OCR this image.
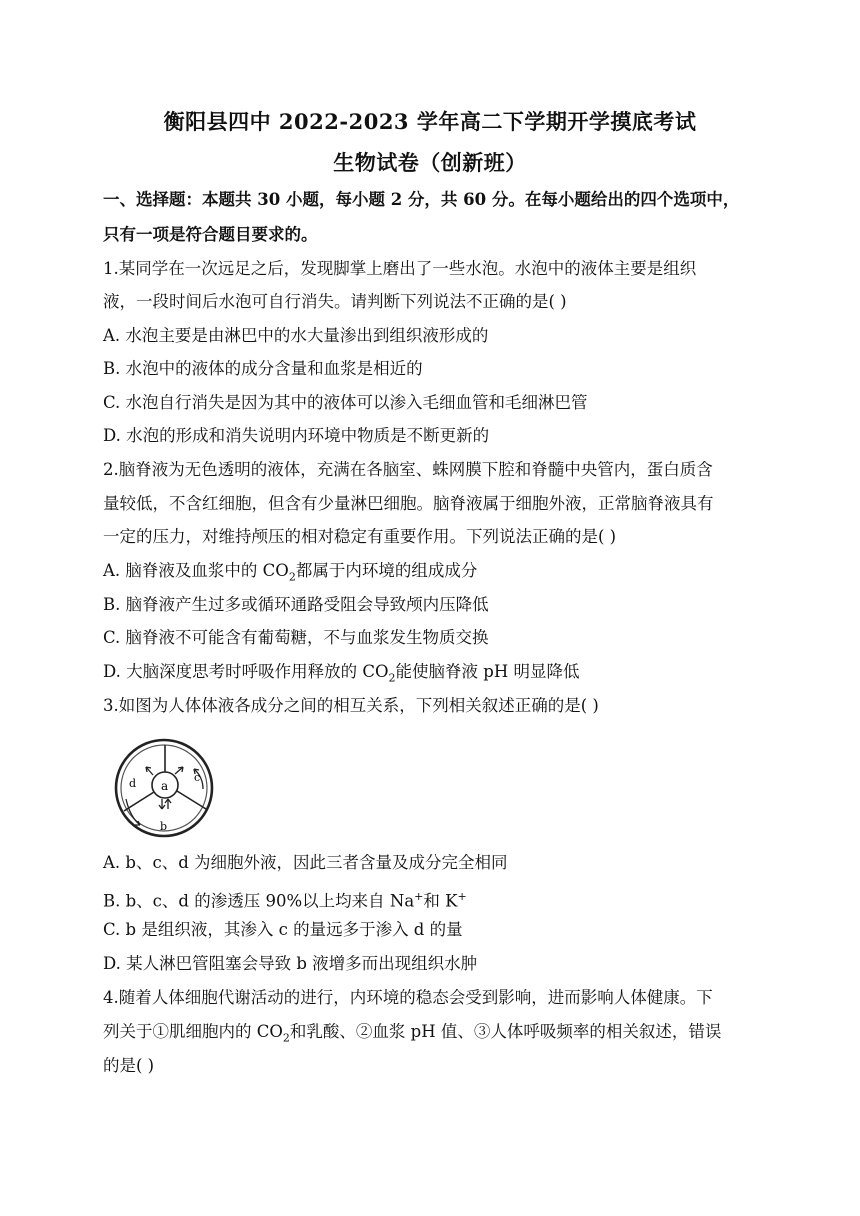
衡阳县四中 2022-2023 学年高二下学期开学摸底考试
生物试卷（创新班）
一、选择题：本题共 30 小题，每小题 2 分，共 60 分。在每小题给出的四个选项中，
只有一项是符合题目要求的。
1.某同学在一次远足之后，发现脚掌上磨出了一些水泡。水泡中的液体主要是组织
液，一段时间后水泡可自行消失。请判断下列说法不正确的是( )
A. 水泡主要是由淋巴中的水大量渗出到组织液形成的
B. 水泡中的液体的成分含量和血浆是相近的
C. 水泡自行消失是因为其中的液体可以渗入毛细血管和毛细淋巴管
D. 水泡的形成和消失说明内环境中物质是不断更新的
2.脑脊液为无色透明的液体，充满在各脑室、蛛网膜下腔和脊髓中央管内，蛋白质含
量较低，不含红细胞，但含有少量淋巴细胞。脑脊液属于细胞外液，正常脑脊液具有
一定的压力，对维持颅压的相对稳定有重要作用。下列说法正确的是( )
A. 脑脊液及血浆中的 $CO_2$都属于内环境的组成成分
B. 脑脊液产生过多或循环通路受阻会导致颅内压降低
C. 脑脊液不可能含有葡萄糖，不与血浆发生物质交换
D. 大脑深度思考时呼吸作用释放的 $CO_2$能使脑脊液 pH 明显降低
3.如图为人体体液各成分之间的相互关系，下列相关叙述正确的是( )
a
b
c
d
A. b、c、d 为细胞外液，因此三者含量及成分完全相同
B. b、c、d 的渗透压 90%以上均来自 Na+和 K+
C. b 是组织液，其渗入 c 的量远多于渗入 d 的量
D. 某人淋巴管阻塞会导致 b 液增多而出现组织水肿
4.随着人体细胞代谢活动的进行，内环境的稳态会受到影响，进而影响人体健康。下
列关于①肌细胞内的 $CO_2$和乳酸、②血浆 pH 值、③人体呼吸频率的相关叙述，错误
的是( )
